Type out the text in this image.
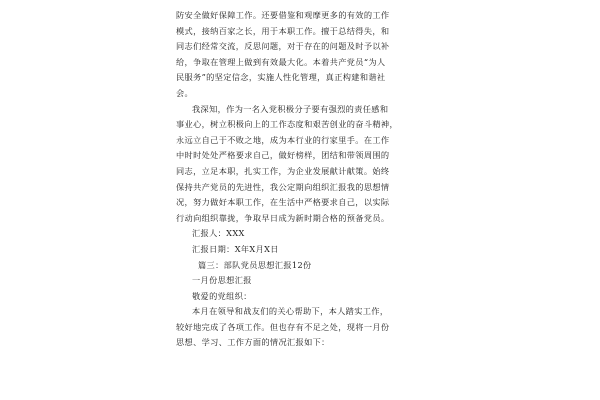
防安全做好保障工作。还要借鉴和观摩更多的有效的工作
模式，接纳百家之长，用于本职工作。擅于总结得失，和
同志们经常交流，反思问题，对于存在的问题及时予以补
给，争取在管理上做到有效最大化。本着共产党员“为人
民服务”的坚定信念，实施人性化管理，真正构建和谐社
会。
我深知，作为一名入党积极分子要有强烈的责任感和
事业心，树立积极向上的工作态度和艰苦创业的奋斗精神，
永远立自己于不败之地，成为本行业的行家里手。在工作
中时时处处严格要求自己，做好榜样，团结和带领周围的
同志，立足本职，扎实工作，为企业发展献计献策。始终
保持共产党员的先进性，我公定期向组织汇报我的思想情
况，努力做好本职工作，在生活中严格要求自己，以实际
行动向组织靠拢，争取早日成为新时期合格的预备党员。
汇报人：XXX
汇报日期：X年X月X日
篇三：部队党员思想汇报12份
一月份思想汇报
敬爱的党组织：
本月在领导和战友们的关心帮助下，本人踏实工作，
较好地完成了各项工作。但也存有不足之处，现将一月份
思想、学习、工作方面的情况汇报如下：
